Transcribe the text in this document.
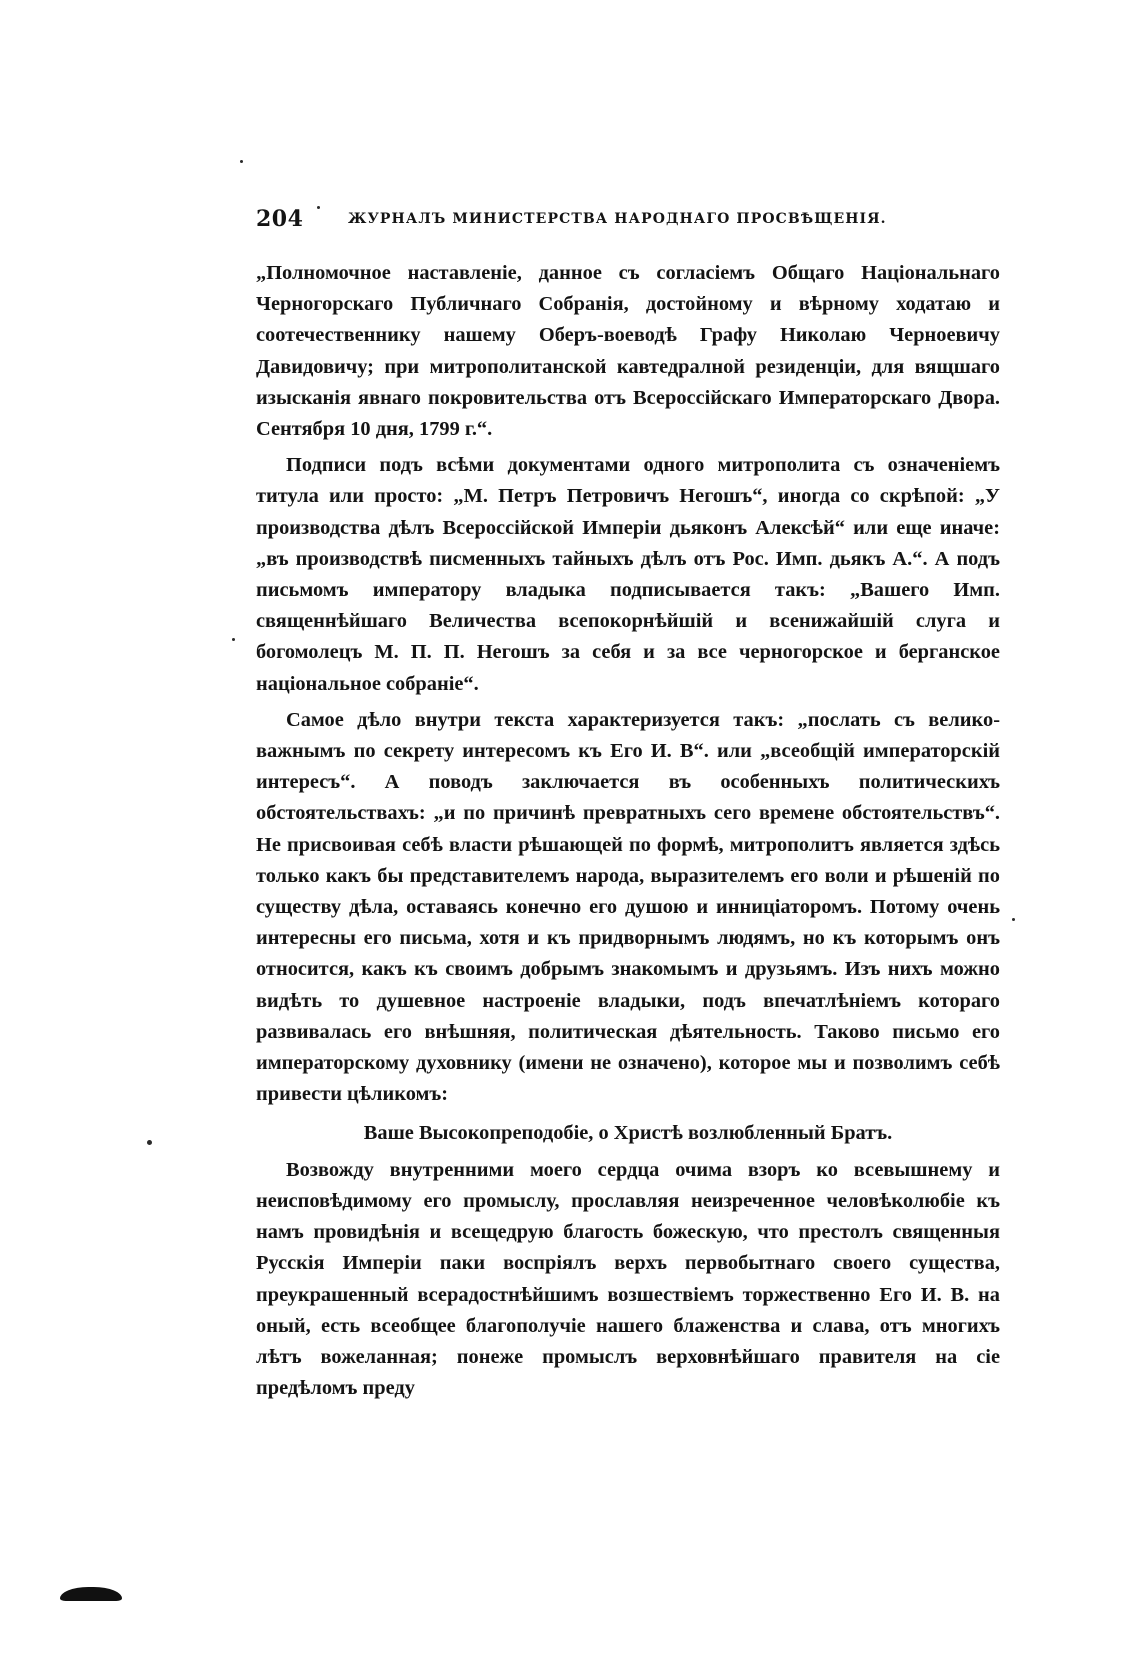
204	ЖУРНАЛЪ МИНИСТЕРСТВА НАРОДНАГО ПРОСВѢЩЕНІЯ.

„Полномочное наставленіе, данное съ согласіемъ Общаго Національнаго Черногорскаго Публичнаго Собранія, достойному и вѣрному ходатаю и соотечественнику нашему Оберъ-воеводѣ Графу Николаю Черноевичу Давидовичу; при митрополитанской кавтедралной резиденціи, для вящшаго изысканія явнаго покровительства отъ Всероссійскаго Императорскаго Двора. Сентября 10 дня, 1799 г.“.

Подписи подъ всѣми документами одного митрополита съ означеніемъ титула или просто: „М. Петръ Петровичъ Негошъ“, иногда со скрѣпой: „У производства дѣлъ Всероссійской Имперіи дьяконъ Алексѣй“ или еще иначе: „въ производствѣ писменныхъ тайныхъ дѣлъ отъ Рос. Имп. дьякъ А.“. А подъ письмомъ императору владыка подписывается такъ: „Вашего Имп. священнѣйшаго Величества всепокорнѣйшій и всенижайшій слуга и богомолецъ М. П. П. Негошъ за себя и за все черногорское и берганское національное собраніе“.

Самое дѣло внутри текста характеризуется такъ: „послать съ велико-важнымъ по секрету интересомъ къ Его И. В“. или „всеобщій императорскій интересъ“. А поводъ заключается въ особенныхъ политическихъ обстоятельствахъ: „и по причинѣ превратныхъ сего времене обстоятельствъ“. Не присвоивая себѣ власти рѣшающей по формѣ, митрополитъ является здѣсь только какъ бы представителемъ народа, выразителемъ его воли и рѣшеній по существу дѣла, оставаясь конечно его душою и инниціаторомъ. Потому очень интересны его письма, хотя и къ придворнымъ людямъ, но къ которымъ онъ относится, какъ къ своимъ добрымъ знакомымъ и друзьямъ. Изъ нихъ можно видѣть то душевное настроеніе владыки, подъ впечатлѣніемъ котораго развивалась его внѣшняя, политическая дѣятельность. Таково письмо его императорскому духовнику (имени не означено), которое мы и позволимъ себѣ привести цѣликомъ:

Ваше Высокопреподобіе, о Христѣ возлюбленный Братъ.

Возвожду внутренними моего сердца очима взоръ ко всевышнему и неисповѣдимому его промыслу, прославляя неизреченное человѣколюбіе къ намъ провидѣнія и всещедрую благость божескую, что престолъ священныя Русскія Имперіи паки воспріялъ верхъ первобытнаго своего существа, преукрашенный всерадостнѣйшимъ возшествіемъ торжественно Его И. В. на оный, есть всеобщее благополучіе нашего блаженства и слава, отъ многихъ лѣтъ вожеланная; понеже промыслъ верховнѣйшаго правителя на сіе предѣломъ преду
